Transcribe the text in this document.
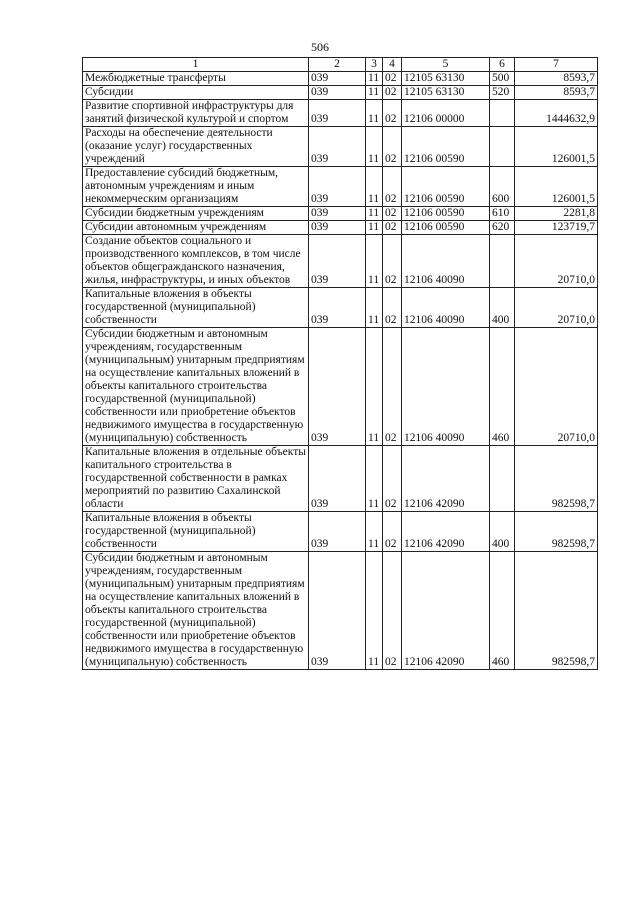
506
1	2	3	4	5	6	7
Межбюджетные трансферты	039	11	02	12105 63130	500	8593,7
Субсидии	039	11	02	12105 63130	520	8593,7
Развитие спортивной инфраструктуры для занятий физической культурой и спортом	039	11	02	12106 00000		1444632,9
Расходы на обеспечение деятельности (оказание услуг) государственных учреждений	039	11	02	12106 00590		126001,5
Предоставление субсидий бюджетным, автономным учреждениям и иным некоммерческим организациям	039	11	02	12106 00590	600	126001,5
Субсидии бюджетным учреждениям	039	11	02	12106 00590	610	2281,8
Субсидии автономным учреждениям	039	11	02	12106 00590	620	123719,7
Создание объектов социального и производственного комплексов, в том числе объектов общегражданского назначения, жилья, инфраструктуры, и иных объектов	039	11	02	12106 40090		20710,0
Капитальные вложения в объекты государственной (муниципальной) собственности	039	11	02	12106 40090	400	20710,0
Субсидии бюджетным и автономным учреждениям, государственным (муниципальным) унитарным предприятиям на осуществление капитальных вложений в объекты капитального строительства государственной (муниципальной) собственности или приобретение объектов недвижимого имущества в государственную (муниципальную) собственность	039	11	02	12106 40090	460	20710,0
Капитальные вложения в отдельные объекты капитального строительства в государственной собственности в рамках мероприятий по развитию Сахалинской области	039	11	02	12106 42090		982598,7
Капитальные вложения в объекты государственной (муниципальной) собственности	039	11	02	12106 42090	400	982598,7
Субсидии бюджетным и автономным учреждениям, государственным (муниципальным) унитарным предприятиям на осуществление капитальных вложений в объекты капитального строительства государственной (муниципальной) собственности или приобретение объектов недвижимого имущества в государственную (муниципальную) собственность	039	11	02	12106 42090	460	982598,7
